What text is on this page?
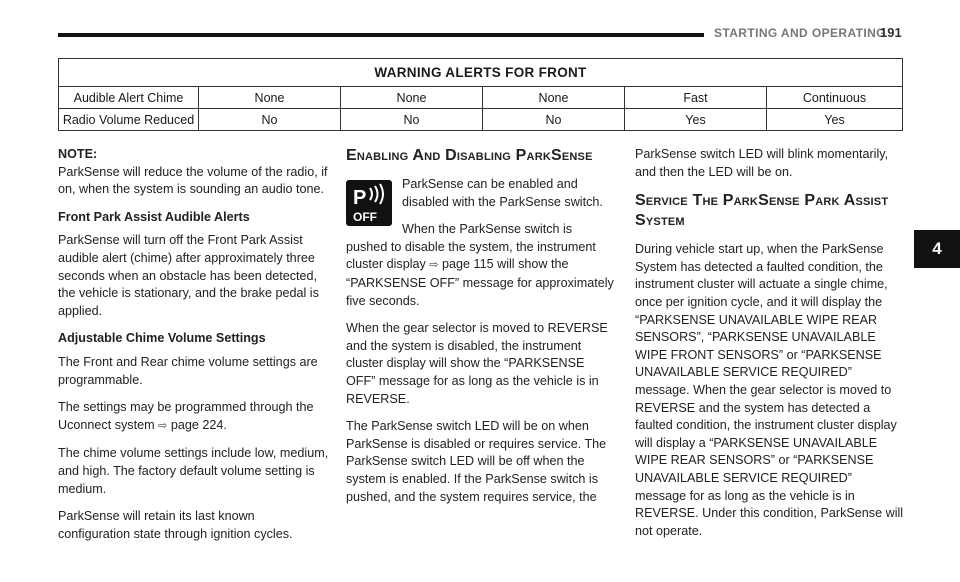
STARTING AND OPERATING
191
4
WARNING ALERTS FOR FRONT					
Audible Alert Chime	None	None	None	Fast	Continuous
Radio Volume Reduced	No	No	No	Yes	Yes

NOTE:
ParkSense will reduce the volume of the radio, if on, when the system is sounding an audio tone.

Front Park Assist Audible Alerts

ParkSense will turn off the Front Park Assist audible alert (chime) after approximately three seconds when an obstacle has been detected, the vehicle is stationary, and the brake pedal is applied.

Adjustable Chime Volume Settings

The Front and Rear chime volume settings are programmable.

The settings may be programmed through the Uconnect system ⇨ page 224.

The chime volume settings include low, medium, and high. The factory default volume setting is medium.

ParkSense will retain its last known configuration state through ignition cycles.

Enabling And Disabling ParkSense
P
OFF

ParkSense can be enabled and disabled with the ParkSense switch.

When the ParkSense switch is pushed to disable the system, the instrument cluster display ⇨ page 115 will show the “PARKSENSE OFF” message for approximately five seconds.

When the gear selector is moved to REVERSE and the system is disabled, the instrument cluster display will show the “PARKSENSE OFF” message for as long as the vehicle is in REVERSE.

The ParkSense switch LED will be on when ParkSense is disabled or requires service. The ParkSense switch LED will be off when the system is enabled. If the ParkSense switch is pushed, and the system requires service, the

ParkSense switch LED will blink momentarily, and then the LED will be on.

Service The ParkSense Park Assist System

During vehicle start up, when the ParkSense System has detected a faulted condition, the instrument cluster will actuate a single chime, once per ignition cycle, and it will display the “PARKSENSE UNAVAILABLE WIPE REAR SENSORS”, “PARKSENSE UNAVAILABLE WIPE FRONT SENSORS” or “PARKSENSE UNAVAILABLE SERVICE REQUIRED” message. When the gear selector is moved to REVERSE and the system has detected a faulted condition, the instrument cluster display will display a “PARKSENSE UNAVAILABLE WIPE REAR SENSORS” or “PARKSENSE UNAVAILABLE SERVICE REQUIRED” message for as long as the vehicle is in REVERSE. Under this condition, ParkSense will not operate.
